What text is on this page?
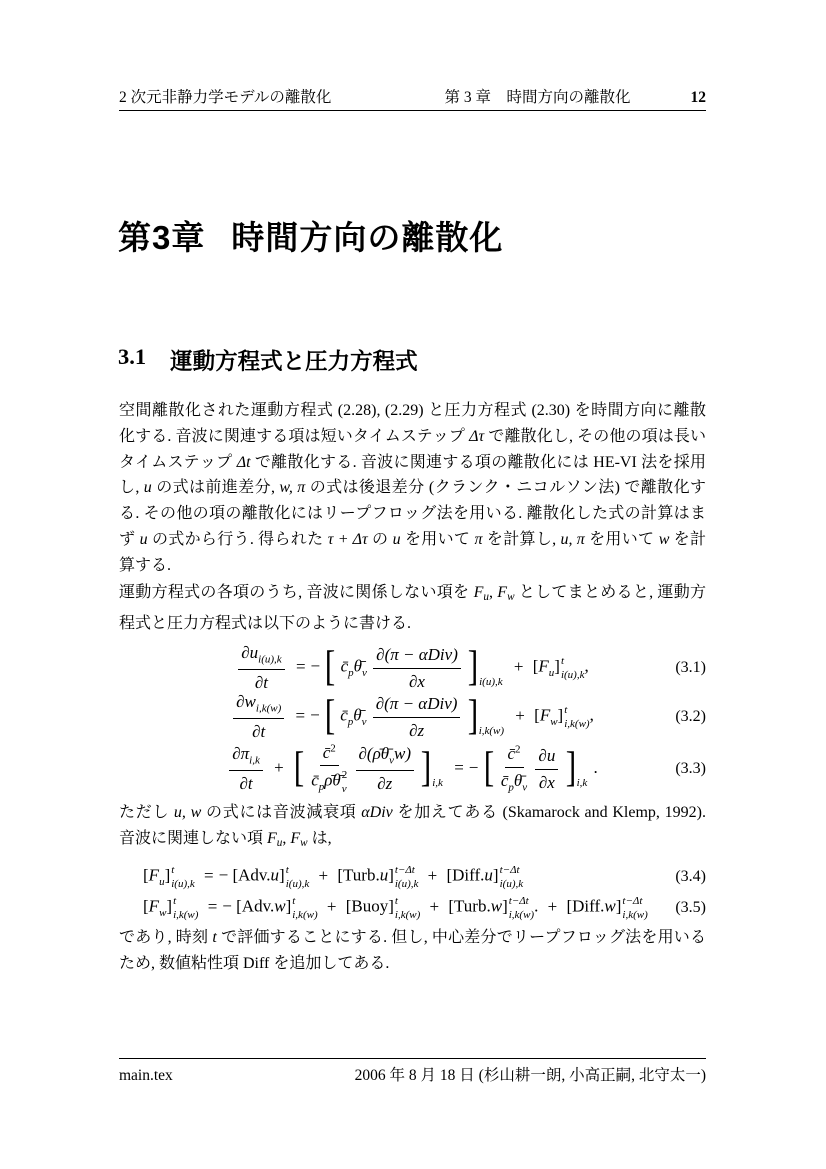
2 次元非静力学モデルの離散化	第 3 章　時間方向の離散化	12
第3章 時間方向の離散化
3.1 運動方程式と圧力方程式

空間離散化された運動方程式 (2.28), (2.29) と圧力方程式 (2.30) を時間方向に離散化する. 音波に関連する項は短いタイムステップ Δτ で離散化し, その他の項は長いタイムステップ Δt で離散化する. 音波に関連する項の離散化には HE-VI 法を採用し, u の式は前進差分, w, π の式は後退差分 (クランク・ニコルソン法) で離散化する. その他の項の離散化にはリープフロッグ法を用いる. 離散化した式の計算はまず u の式から行う. 得られた τ + Δτ の u を用いて π を計算し, u, π を用いて w を計算する.

運動方程式の各項のうち, 音波に関係しない項を Fu, Fw としてまとめると, 運動方程式と圧力方程式は以下のように書ける.

$\frac{\partial u_{i(u),k}}{\partial t}$ = − [ $c̄_p\thetā_v \frac{\text{∂(π − αDiv)}}{\partial x} ]_{i(u),k} + [F_u]$ t
i(u),k ,	(3.1)
$\frac{\partial w_{i,k(w)}}{\partial t}$ = − [ $c̄_p\thetā_v \frac{\text{∂(π − αDiv)}}{\partial z} ]_{i,k(w)} + [F_w]$ t
i,k(w) ,	(3.2)
$\frac{\partial\pi_{i,k}}{\partial t}$ + [ c̄$^2$
$c̄_p\rhō\thetā$ 2
v
$\frac{\partial(\rhō\thetā_vw)}{\partial z} ]_{i,k}$ = − [ $\frac{c̄^2}{c̄_p\thetā_v}$
$\frac{\partial u}{\partial x} ]_{i,k}$ .	(3.3)

ただし u, w の式には音波減衰項 αDiv を加えてある (Skamarock and Klemp, 1992). 音波に関連しない項 Fu, Fw は,

$[F_u]$ t
i(u),k = − [Adv.u] t
i(u),k + [Turb.u] t−Δt
i(u),k + [Diff.u] t−Δt
i(u),k	(3.4)
$[F_w]$ t
i,k(w) = − [Adv.w] t
i,k(w) + [Buoy] t
i,k(w) + [Turb.w] t−Δt
i,k(w) . + [Diff.w] t−Δt
i,k(w) (3.5)

であり, 時刻 t で評価することにする. 但し, 中心差分でリープフロッグ法を用いるため, 数値粘性項 Diff を追加してある.

main.tex	2006 年 8 月 18 日 (杉山耕一朗, 小高正嗣, 北守太一)
